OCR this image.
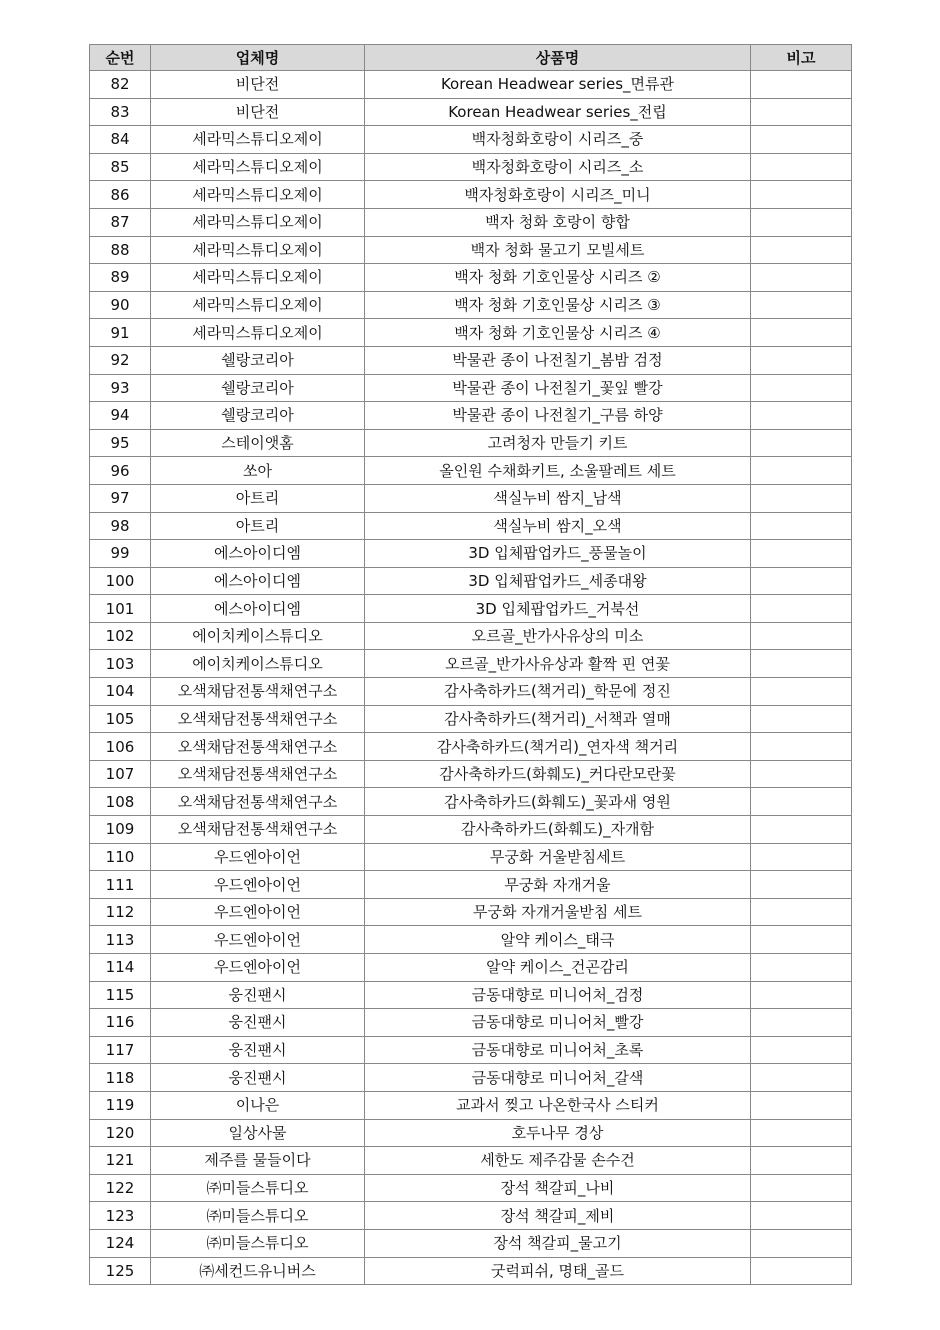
순번	업체명	상품명	비고
82	비단전	Korean Headwear series_면류관	
83	비단전	Korean Headwear series_전립	
84	세라믹스튜디오제이	백자청화호랑이 시리즈_중	
85	세라믹스튜디오제이	백자청화호랑이 시리즈_소	
86	세라믹스튜디오제이	백자청화호랑이 시리즈_미니	
87	세라믹스튜디오제이	백자 청화 호랑이 향합	
88	세라믹스튜디오제이	백자 청화 물고기 모빌세트	
89	세라믹스튜디오제이	백자 청화 기호인물상 시리즈 ②	
90	세라믹스튜디오제이	백자 청화 기호인물상 시리즈 ③	
91	세라믹스튜디오제이	백자 청화 기호인물상 시리즈 ④	
92	쉘랑코리아	박물관 종이 나전칠기_봄밤 검정	
93	쉘랑코리아	박물관 종이 나전칠기_꽃잎 빨강	
94	쉘랑코리아	박물관 종이 나전칠기_구름 하양	
95	스테이앳홈	고려청자 만들기 키트	
96	쏘아	올인원 수채화키트, 소울팔레트 세트	
97	아트리	색실누비 쌈지_남색	
98	아트리	색실누비 쌈지_오색	
99	에스아이디엠	3D 입체팝업카드_풍물놀이	
100	에스아이디엠	3D 입체팝업카드_세종대왕	
101	에스아이디엠	3D 입체팝업카드_거북선	
102	에이치케이스튜디오	오르골_반가사유상의 미소	
103	에이치케이스튜디오	오르골_반가사유상과 활짝 핀 연꽃	
104	오색채담전통색채연구소	감사축하카드(책거리)_학문에 정진	
105	오색채담전통색채연구소	감사축하카드(책거리)_서책과 열매	
106	오색채담전통색채연구소	감사축하카드(책거리)_연자색 책거리	
107	오색채담전통색채연구소	감사축하카드(화훼도)_커다란모란꽃	
108	오색채담전통색채연구소	감사축하카드(화훼도)_꽃과새 영원	
109	오색채담전통색채연구소	감사축하카드(화훼도)_자개함	
110	우드엔아이언	무궁화 거울받침세트	
111	우드엔아이언	무궁화 자개거울	
112	우드엔아이언	무궁화 자개거울받침 세트	
113	우드엔아이언	알약 케이스_태극	
114	우드엔아이언	알약 케이스_건곤감리	
115	웅진팬시	금동대향로 미니어처_검정	
116	웅진팬시	금동대향로 미니어처_빨강	
117	웅진팬시	금동대향로 미니어처_초록	
118	웅진팬시	금동대향로 미니어처_갈색	
119	이나은	교과서 찢고 나온한국사 스티커	
120	일상사물	호두나무 경상	
121	제주를 물들이다	세한도 제주감물 손수건	
122	㈜미들스튜디오	장석 책갈피_나비	
123	㈜미들스튜디오	장석 책갈피_제비	
124	㈜미들스튜디오	장석 책갈피_물고기	
125	㈜세컨드유니버스	굿럭피쉬, 명태_골드	
